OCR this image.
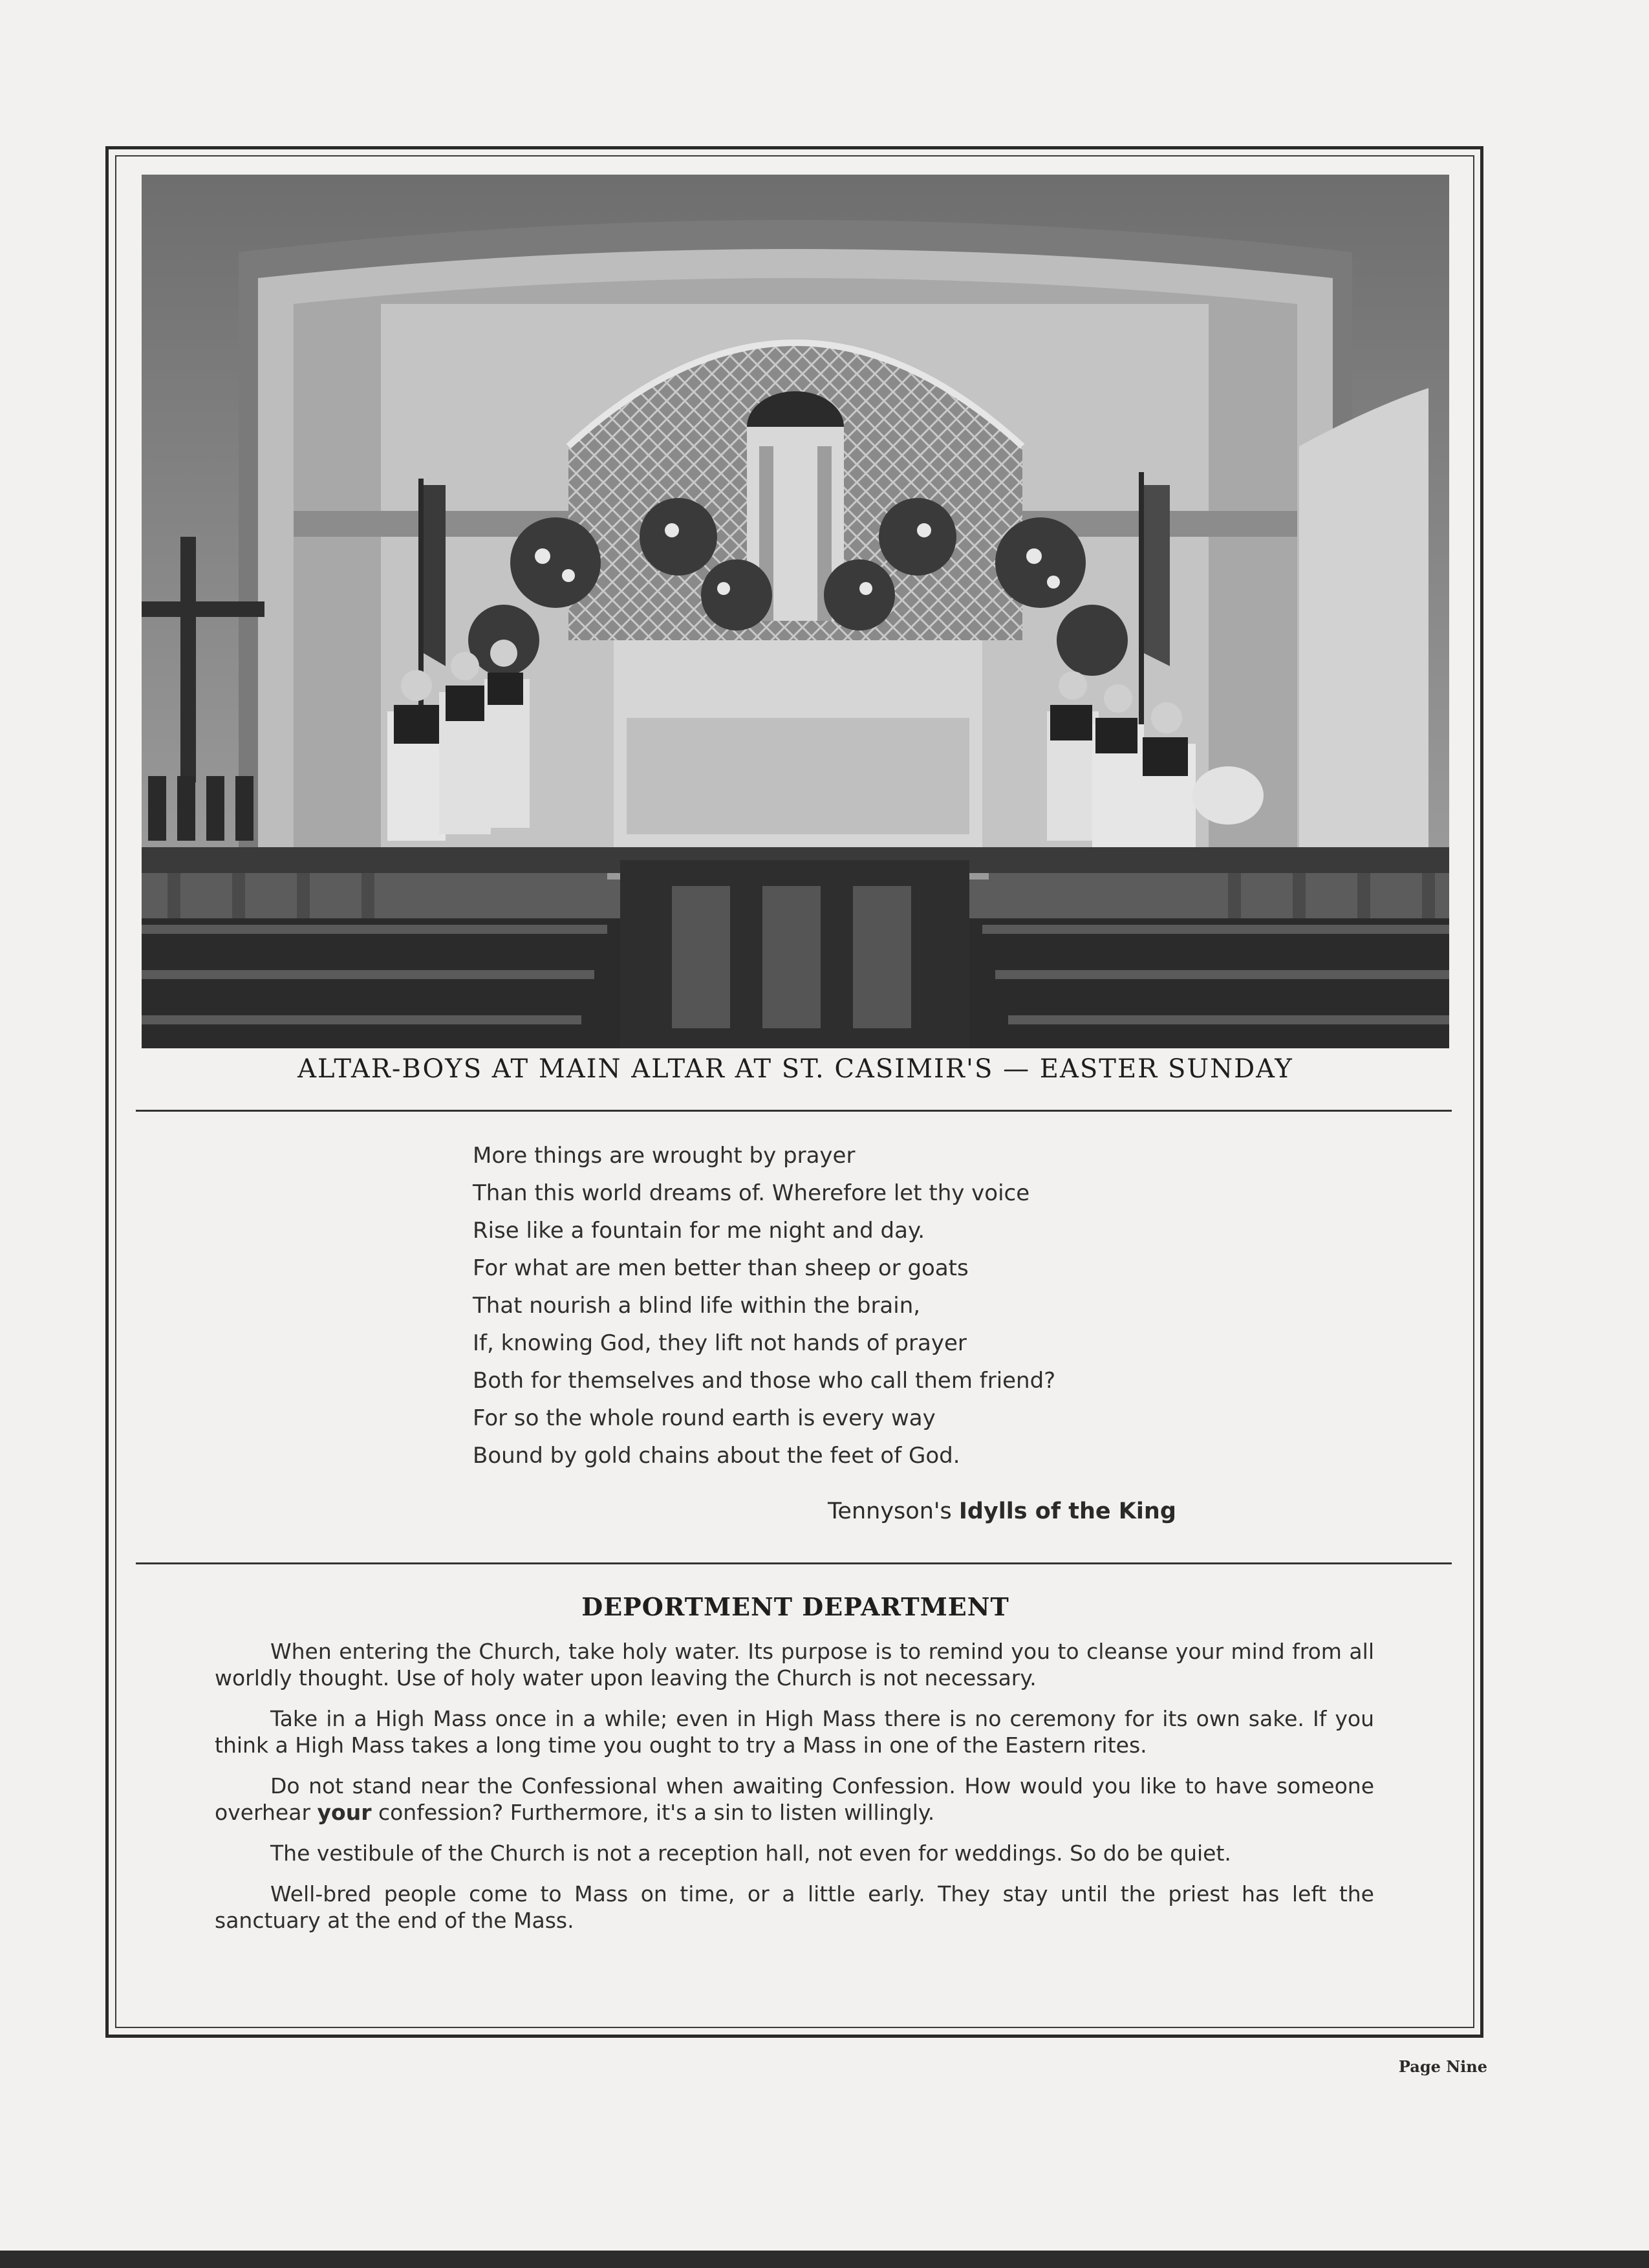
ALTAR-BOYS AT MAIN ALTAR AT ST. CASIMIR'S — EASTER SUNDAY
More things are wrought by prayer
Than this world dreams of. Wherefore let thy voice
Rise like a fountain for me night and day.
For what are men better than sheep or goats
That nourish a blind life within the brain,
If, knowing God, they lift not hands of prayer
Both for themselves and those who call them friend?
For so the whole round earth is every way
Bound by gold chains about the feet of God.
Tennyson's Idylls of the King
DEPORTMENT DEPARTMENT

When entering the Church, take holy water. Its purpose is to remind you to cleanse your mind from all worldly thought. Use of holy water upon leaving the Church is not necessary.

Take in a High Mass once in a while; even in High Mass there is no ceremony for its own sake. If you think a High Mass takes a long time you ought to try a Mass in one of the Eastern rites.

Do not stand near the Confessional when awaiting Confession. How would you like to have someone overhear your confession? Furthermore, it's a sin to listen willingly.

The vestibule of the Church is not a reception hall, not even for weddings. So do be quiet.

Well-bred people come to Mass on time, or a little early. They stay until the priest has left the sanctuary at the end of the Mass.

Page Nine
